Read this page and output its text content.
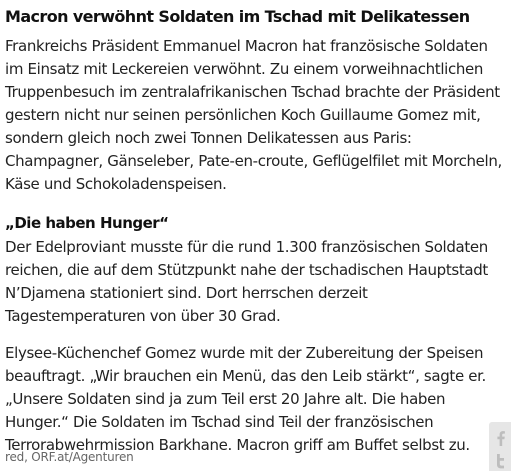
Macron verwöhnt Soldaten im Tschad mit Delikatessen

Frankreichs Präsident Emmanuel Macron hat französische Soldaten im Einsatz mit Leckereien verwöhnt. Zu einem vorweihnachtlichen Truppenbesuch im zentralafrikanischen Tschad brachte der Präsident gestern nicht nur seinen persönlichen Koch Guillaume Gomez mit, sondern gleich noch zwei Tonnen Delikatessen aus Paris: Champagner, Gänseleber, Pate-en-croute, Geflügelfilet mit Morcheln, Käse und Schokoladenspeisen.

„Die haben Hunger“

Der Edelproviant musste für die rund 1.300 französischen Soldaten reichen, die auf dem Stützpunkt nahe der tschadischen Hauptstadt N’Djamena stationiert sind. Dort herrschen derzeit Tagestemperaturen von über 30 Grad.

Elysee-Küchenchef Gomez wurde mit der Zubereitung der Speisen beauftragt. „Wir brauchen ein Menü, das den Leib stärkt“, sagte er. „Unsere Soldaten sind ja zum Teil erst 20 Jahre alt. Die haben Hunger.“ Die Soldaten im Tschad sind Teil der französischen Terrorabwehrmission Barkhane. Macron griff am Buffet selbst zu.

red, ORF.at/Agenturen
